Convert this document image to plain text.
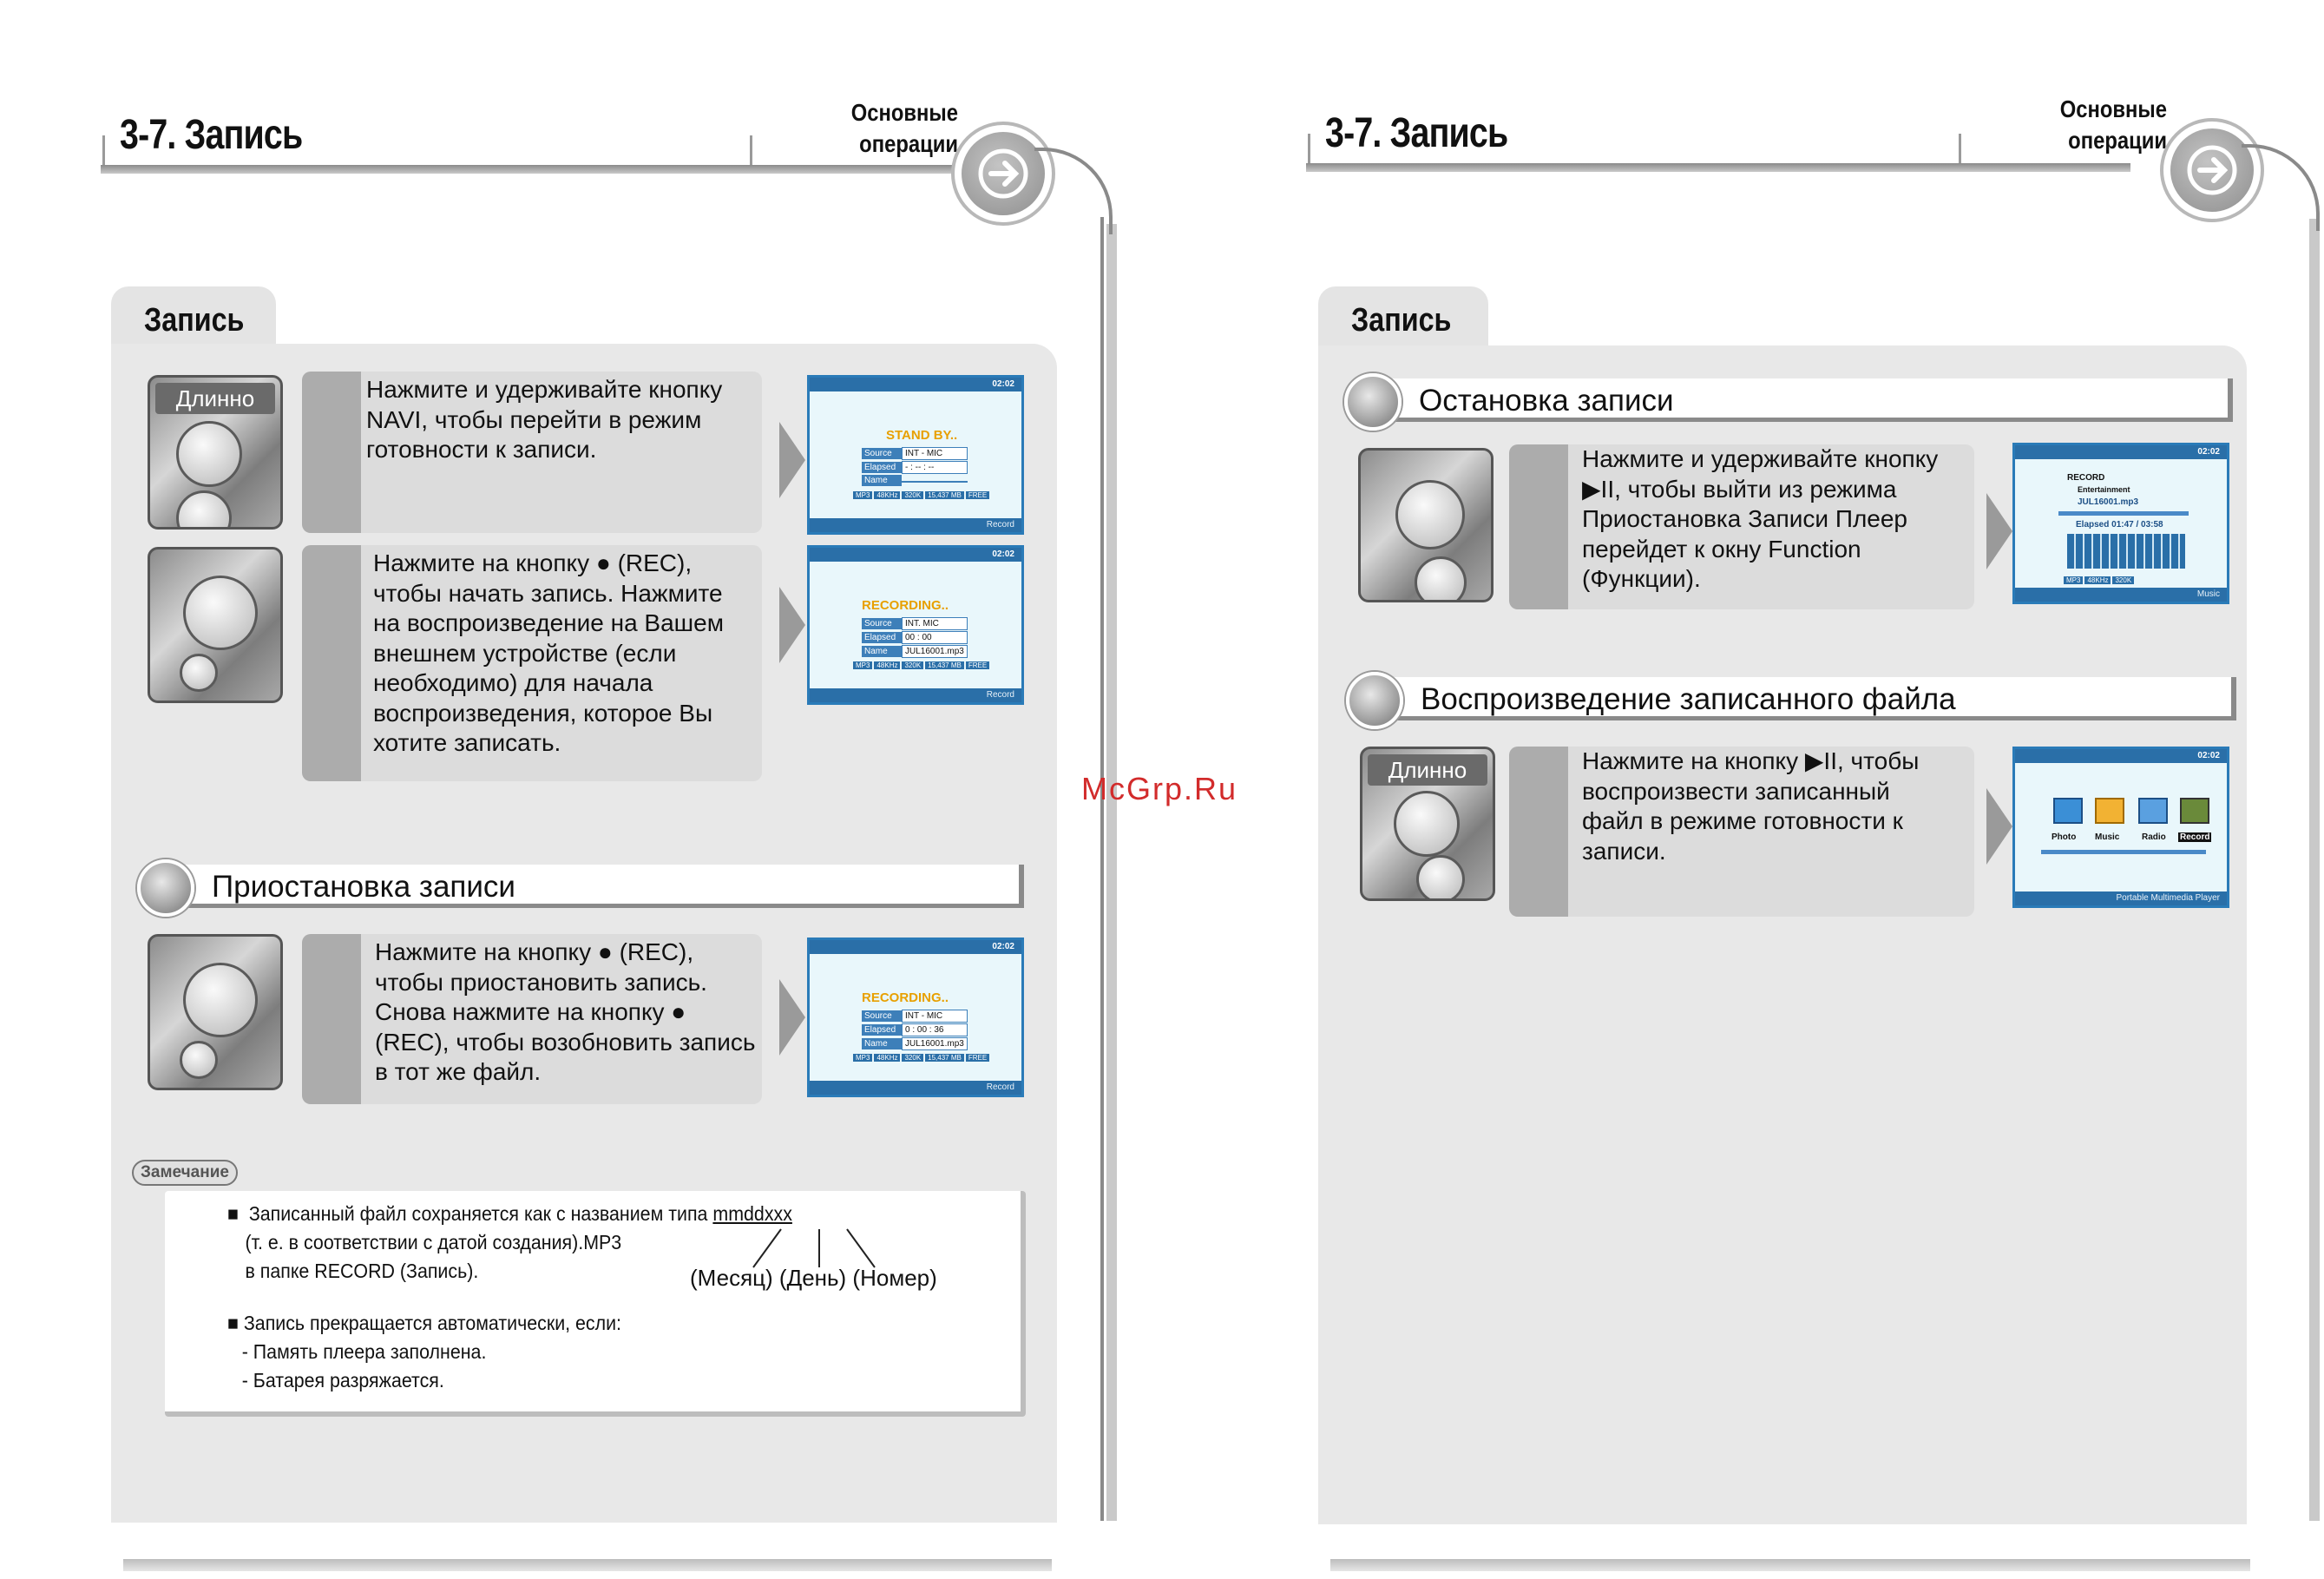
3-7. Запись	Основные
операции
Запись
Длинно	Нажмите и удерживайте кнопку NAVI, чтобы перейти в режим готовности к записи.
02:02
STAND BY..
Source INT - MIC
Elapsed - : -- : --
Name
MP3 48KHz 320K 15,437 MB FREE
Record
Нажмите на кнопку ● (REC), чтобы начать запись. Нажмите на воспроизведение на Вашем внешнем устройстве (если необходимо) для начала воспроизведения, которое Вы хотите записать.
02:02
RECORDING..
Source INT. MIC
Elapsed 00 : 00
Name JUL16001.mp3
MP3 48KHz 320K 15,437 MB FREE
Record
Приостановка записи
Нажмите на кнопку ● (REC), чтобы приостановить запись. Снова нажмите на кнопку ● (REC), чтобы возобновить запись в тот же файл.
02:02
RECORDING..
Source INT - MIC
Elapsed 0 : 00 : 36
Name JUL16001.mp3
MP3 48KHz 320K 15,437 MB FREE
Record
Замечание
■  Записанный файл сохраняется как с названием типа mmddxxx
(т. е. в соответствии с датой создания).MP3
в папке RECORD (Запись).	(Месяц) (День) (Номер)
■ Запись прекращается автоматически, если:
- Память плеера заполнена.
- Батарея разряжается.
McGrp.Ru
3-7. Запись
Основные
операции
Запись
Остановка записи
Нажмите и удерживайте кнопку ▶II, чтобы выйти из режима Приостановка Записи Плеер перейдет к окну Function (Функции).
02:02
RECORD
Entertainment
JUL16001.mp3
Elapsed 01:47 / 03:58
MP3 48KHz 320K
Music
Воспроизведение записанного файла
Длинно	Нажмите на кнопку ▶II, чтобы воспроизвести записанный файл в режиме готовности к записи.
02:02
Photo Music	Radio Record
Portable Multimedia Player
